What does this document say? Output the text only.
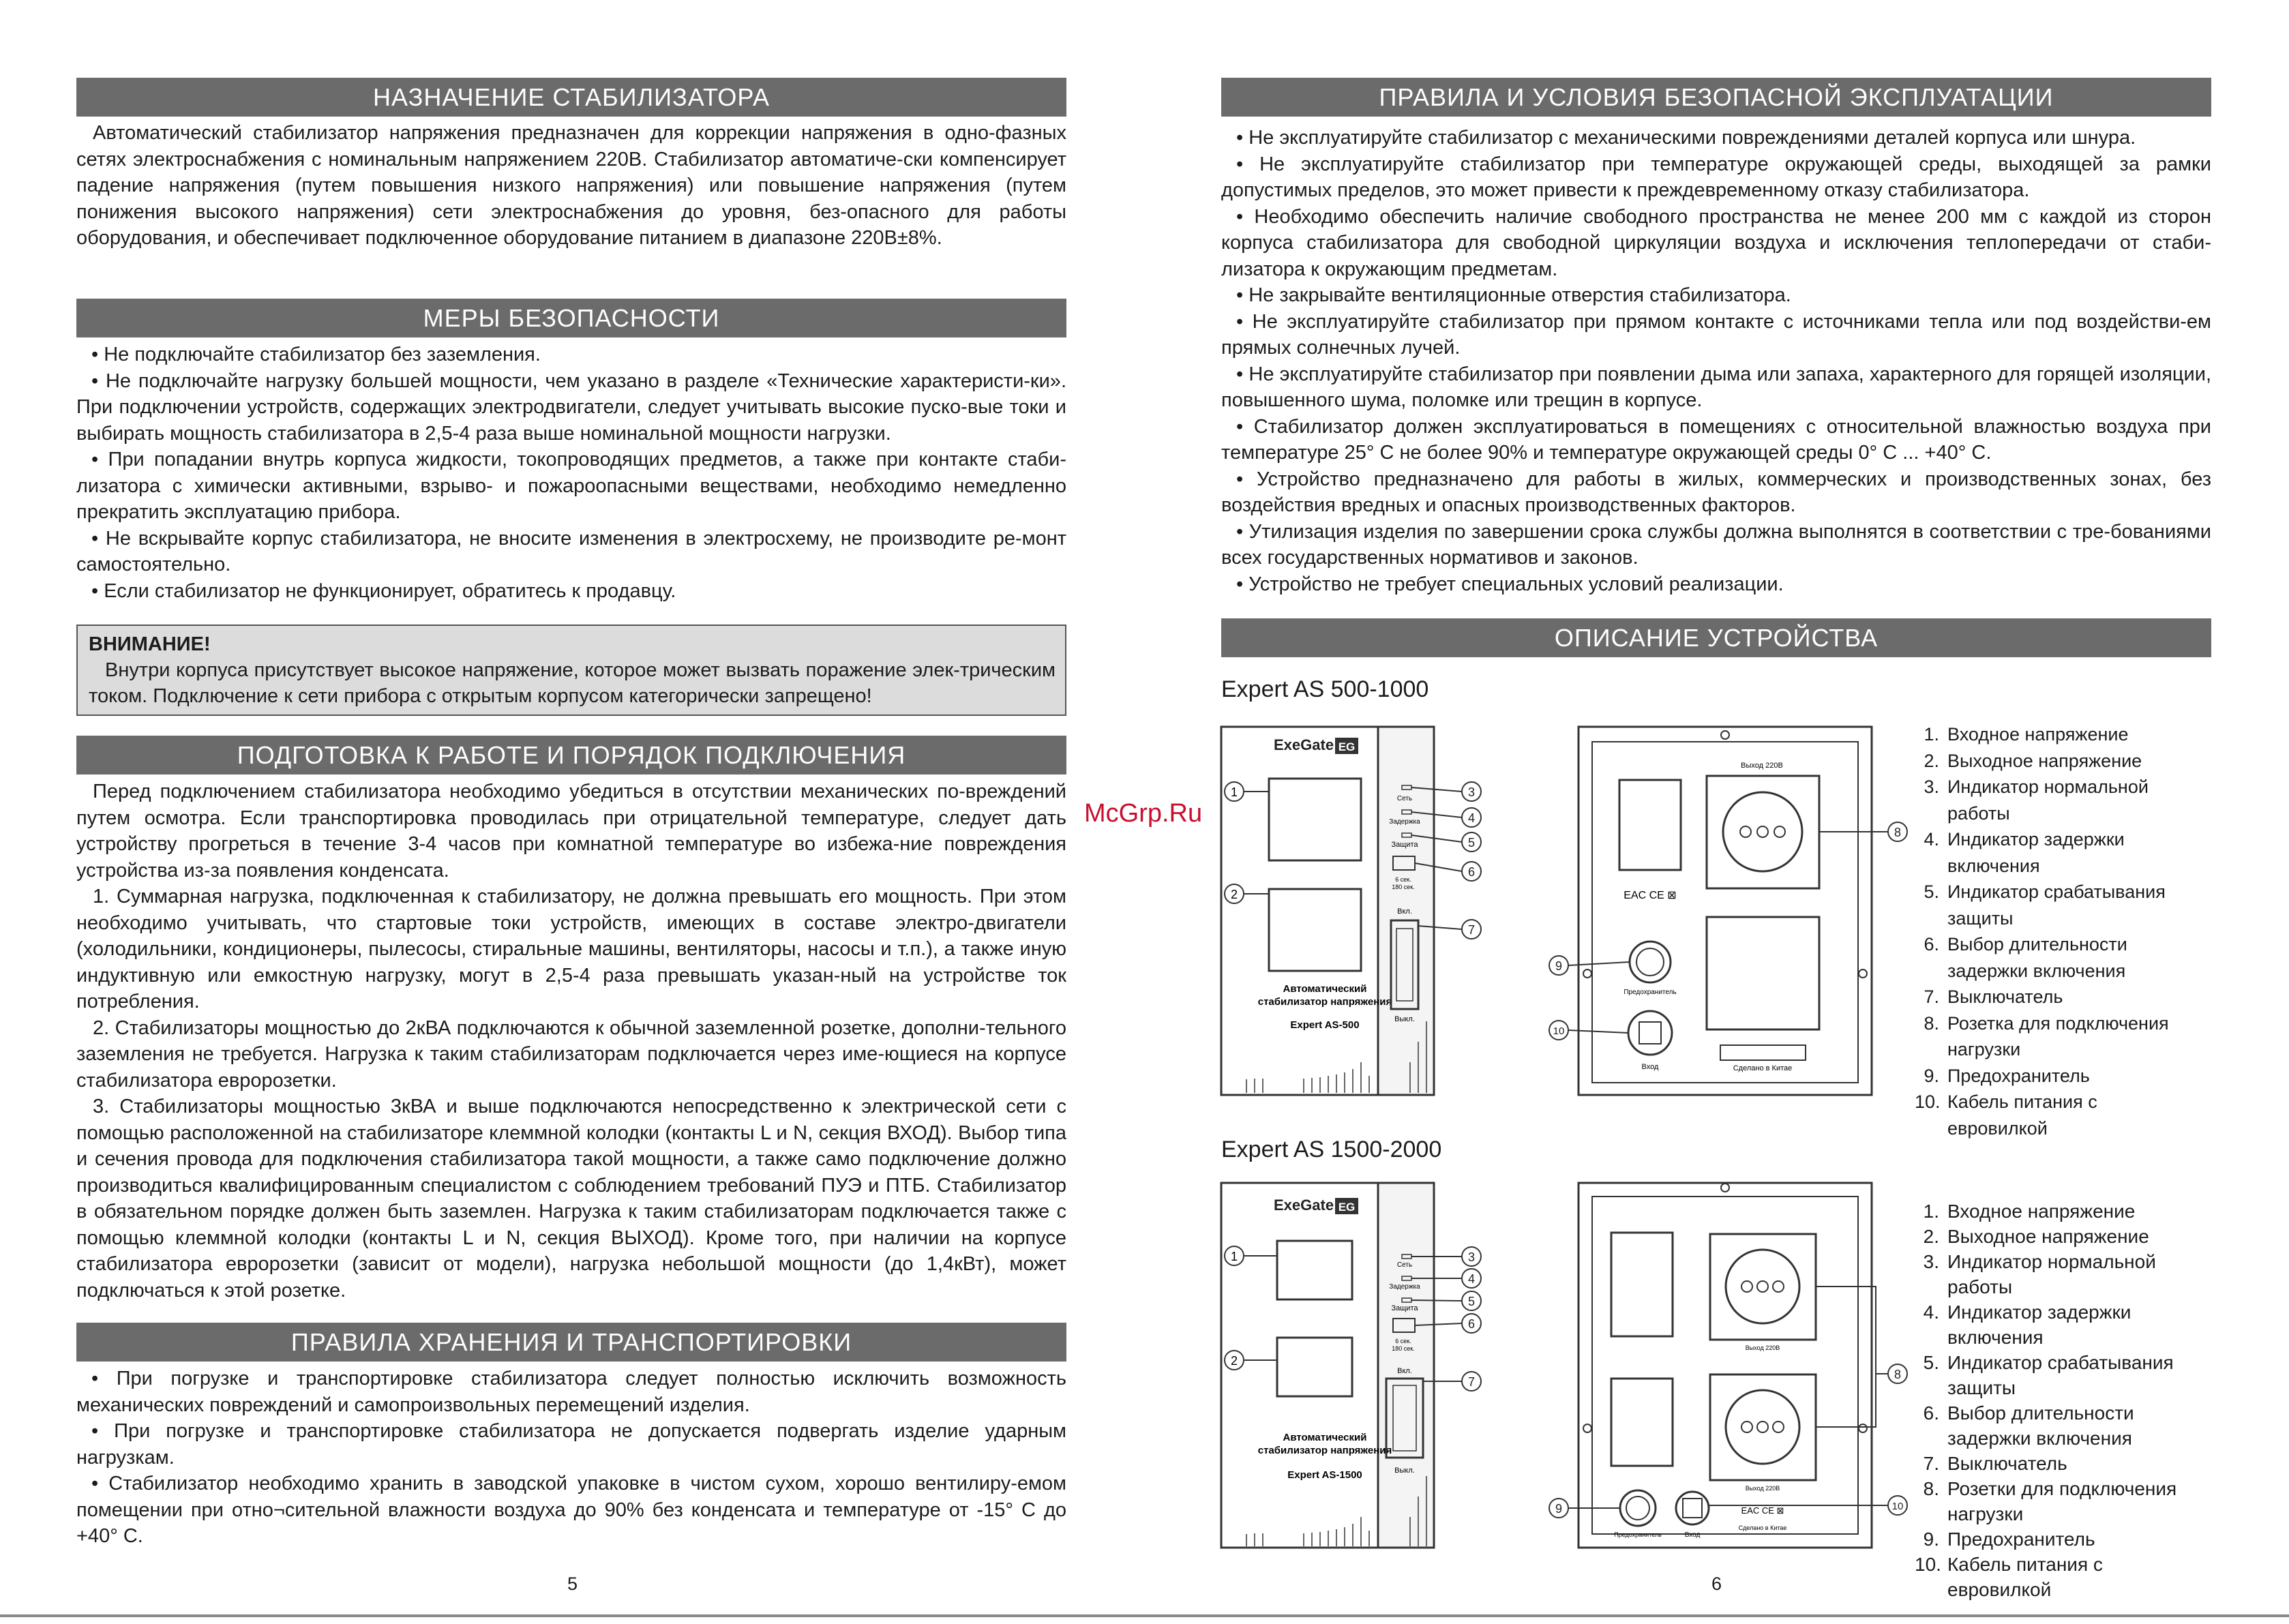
НАЗНАЧЕНИЕ СТАБИЛИЗАТОРА

Автоматический стабилизатор напряжения предназначен для коррекции напряжения в одно-фазных сетях электроснабжения с номинальным напряжением 220В. Стабилизатор автоматиче-ски компенсирует падение напряжения (путем повышения низкого напряжения) или повышение напряжения (путем понижения высокого напряжения) сети электроснабжения до уровня, без-опасного для работы оборудования, и обеспечивает подключенное оборудование питанием в диапазоне 220В±8%.

МЕРЫ БЕЗОПАСНОСТИ

• Не подключайте стабилизатор без заземления.

• Не подключайте нагрузку большей мощности, чем указано в разделе «Технические характеристи-ки». При подключении устройств, содержащих электродвигатели, следует учитывать высокие пуско-вые токи и выбирать мощность стабилизатора в 2,5-4 раза выше номинальной мощности нагрузки.

• При попадании внутрь корпуса жидкости, токопроводящих предметов, а также при контакте стаби-лизатора с химически активными, взрыво- и пожароопасными веществами, необходимо немедленно прекратить эксплуатацию прибора.

• Не вскрывайте корпус стабилизатора, не вносите изменения в электросхему, не производите ре-монт самостоятельно.

• Если стабилизатор не функционирует, обратитесь к продавцу.

ВНИМАНИЕ!
Внутри корпуса присутствует высокое напряжение, которое может вызвать поражение элек-трическим током. Подключение к сети прибора с открытым корпусом категорически запрещено!
ПОДГОТОВКА К РАБОТЕ И ПОРЯДОК ПОДКЛЮЧЕНИЯ

Перед подключением стабилизатора необходимо убедиться в отсутствии механических по-вреждений путем осмотра. Если транспортировка проводилась при отрицательной температуре, следует дать устройству прогреться в течение 3-4 часов при комнатной температуре во избежа-ние повреждения устройства из-за появления конденсата.

1. Суммарная нагрузка, подключенная к стабилизатору, не должна превышать его мощность. При этом необходимо учитывать, что стартовые токи устройств, имеющих в составе электро-двигатели (холодильники, кондиционеры, пылесосы, стиральные машины, вентиляторы, насосы и т.п.), а также иную индуктивную или емкостную нагрузку, могут в 2,5-4 раза превышать указан-ный на устройстве ток потребления.

2. Стабилизаторы мощностью до 2кВА подключаются к обычной заземленной розетке, дополни-тельного заземления не требуется. Нагрузка к таким стабилизаторам подключается через име-ющиеся на корпусе стабилизатора евророзетки.

3. Стабилизаторы мощностью 3кВА и выше подключаются непосредственно к электрической сети с помощью расположенной на стабилизаторе клеммной колодки (контакты L и N, секция ВХОД). Выбор типа и сечения провода для подключения стабилизатора такой мощности, а также само подключение должно производиться квалифицированным специалистом с соблюдением требований ПУЭ и ПТБ. Стабилизатор в обязательном порядке должен быть заземлен. Нагрузка к таким стабилизаторам подключается также с помощью клеммной колодки (контакты L и N, секция ВЫХОД). Кроме того, при наличии на корпусе стабилизатора евророзетки (зависит от модели), нагрузка небольшой мощности (до 1,4кВт), может подключаться к этой розетке.

ПРАВИЛА ХРАНЕНИЯ И ТРАНСПОРТИРОВКИ

• При погрузке и транспортировке стабилизатора следует полностью исключить возможность механических повреждений и самопроизвольных перемещений изделия.

• При погрузке и транспортировке стабилизатора не допускается подвергать изделие ударным нагрузкам.

• Стабилизатор необходимо хранить в заводской упаковке в чистом сухом, хорошо вентилиру-емом помещении при отно¬сительной влажности воздуха до 90% без конденсата и температуре от -15° С до +40° С.

5
McGrp.Ru
ПРАВИЛА И УСЛОВИЯ БЕЗОПАСНОЙ ЭКСПЛУАТАЦИИ

• Не эксплуатируйте стабилизатор с механическими повреждениями деталей корпуса или шнура.

• Не эксплуатируйте стабилизатор при температуре окружающей среды, выходящей за рамки допустимых пределов, это может привести к преждевременному отказу стабилизатора.

• Необходимо обеспечить наличие свободного пространства не менее 200 мм с каждой из сторон корпуса стабилизатора для свободной циркуляции воздуха и исключения теплопередачи от стаби-лизатора к окружающим предметам.

• Не закрывайте вентиляционные отверстия стабилизатора.

• Не эксплуатируйте стабилизатор при прямом контакте с источниками тепла или под воздействи-ем прямых солнечных лучей.

• Не эксплуатируйте стабилизатор при появлении дыма или запаха, характерного для горящей изоляции, повышенного шума, поломке или трещин в корпусе.

• Стабилизатор должен эксплуатироваться в помещениях с относительной влажностью воздуха при температуре 25° С не более 90% и температуре окружающей среды 0° С ... +40° С.

• Устройство предназначено для работы в жилых, коммерческих и производственных зонах, без воздействия вредных и опасных производственных факторов.

• Утилизация изделия по завершении срока службы должна выполнятся в соответствии с тре-бованиями всех государственных нормативов и законов.

• Устройство не требует специальных условий реализации.

ОПИСАНИЕ УСТРОЙСТВА
Expert AS 500-1000
ExeGate EG
1
2
Автоматический
стабилизатор напряжения
Expert AS-500
Сеть
Задержка
Защита
6 сек.
180 сек.
Вкл.
Выкл.
3
4
5
6
7
Выход 220В
EAC CE ⊠
Предохранитель
Вход	Сделано в Китае
8
9
10
1. Входное напряжение
2. Выходное напряжение
3. Индикатор нормальной работы
4. Индикатор задержки включения
5. Индикатор срабатывания защиты
6. Выбор длительности задержки включения
7. Выключатель
8. Розетка для подключения нагрузки
9. Предохранитель
10. Кабель питания с евровилкой
Expert AS 1500-2000
ExeGate EG
1
2
Автоматический
стабилизатор напряжения
Expert AS-1500
Сеть
Задержка
Защита
6 сек.
180 сек.
Вкл.
Выкл.
3
4
5
6
7
Выход 220В
Выход 220В
Предохранитель	Вход
EAC CE ⊠
Сделано в Китае
8
9	10
1. Входное напряжение
2. Выходное напряжение
3. Индикатор нормальной работы
4. Индикатор задержки включения
5. Индикатор срабатывания защиты
6. Выбор длительности задержки включения
7. Выключатель
8. Розетки для подключения нагрузки
9. Предохранитель
10. Кабель питания с евровилкой
6
